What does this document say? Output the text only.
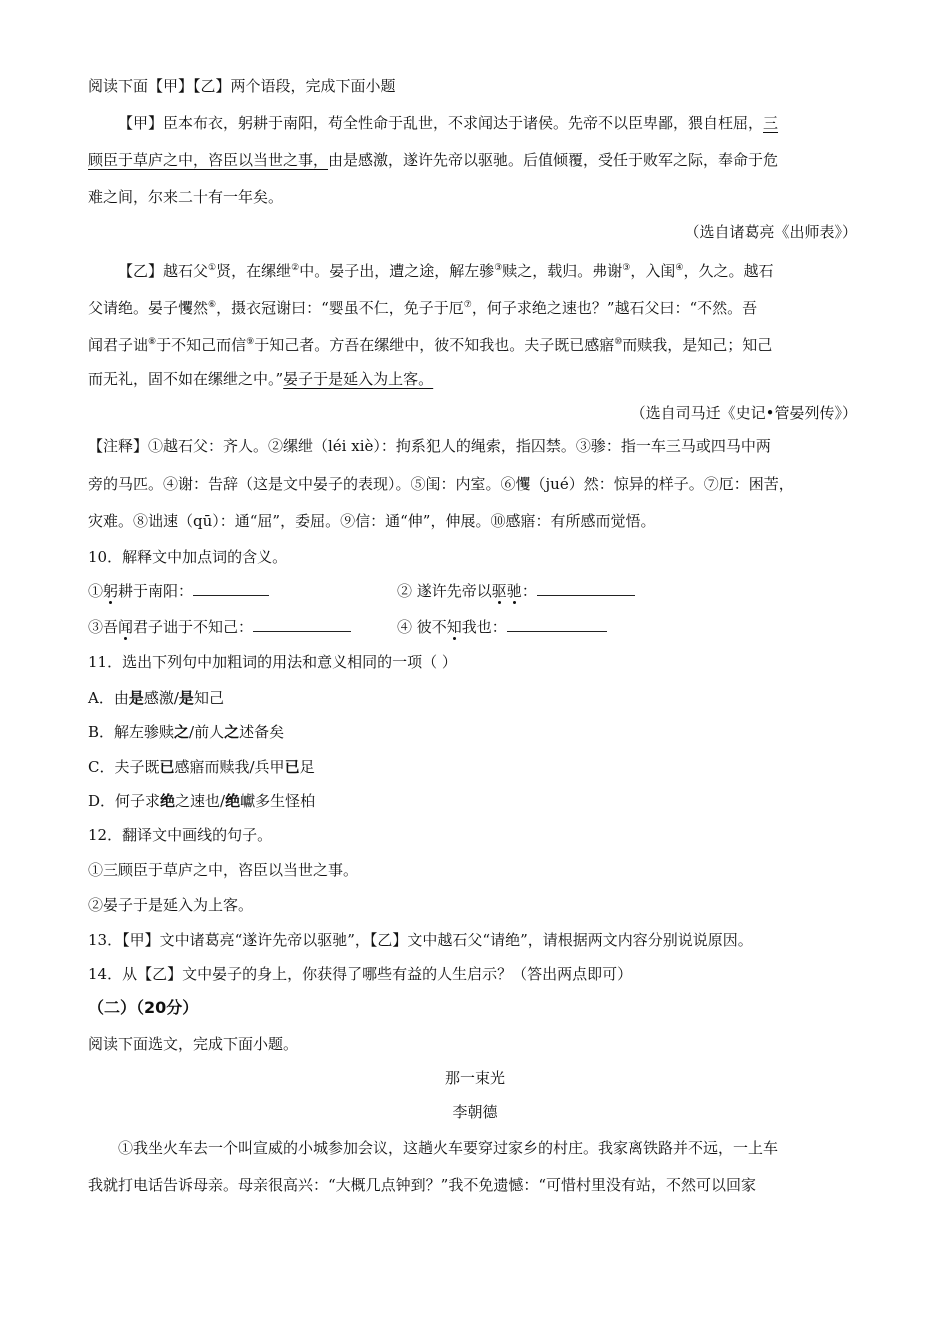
阅读下面【甲】【乙】两个语段，完成下面小题
【甲】臣本布衣，躬耕于南阳，苟全性命于乱世，不求闻达于诸侯。先帝不以臣卑鄙，猥自枉屈，三
顾臣于草庐之中，咨臣以当世之事，由是感激，遂许先帝以驱驰。后值倾覆，受任于败军之际，奉命于危
难之间，尔来二十有一年矣。
（选自诸葛亮《出师表》）
【乙】越石父①贤，在缧绁②中。晏子出，遭之途，解左骖③赎之，载归。弗谢③，入闺④，久之。越石
父请绝。晏子戄然⑥，摄衣冠谢曰：“婴虽不仁，免子于厄⑦，何子求绝之速也？”越石父曰：“不然。吾
闻君子诎⑧于不知己而信⑨于知己者。方吾在缧绁中，彼不知我也。夫子既已感寤⑩而赎我，是知己；知己
而无礼，固不如在缧绁之中。”晏子于是延入为上客。
（选自司马迁《史记•管晏列传》）
【注释】①越石父：齐人。②缧绁（léi xiè）：拘系犯人的绳索，指囚禁。③骖：指一车三马或四马中两
旁的马匹。④谢：告辞（这是文中晏子的表现）。⑤闺：内室。⑥戄（jué）然：惊异的样子。⑦厄：困苦，
灾难。⑧诎速（qū）：通“屈”，委屈。⑨信：通“伸”，伸展。⑩感寤：有所感而觉悟。
10．解释文中加点词的含义。
①躬耕于南阳：	② 遂许先帝以驱驰：
③吾闻君子诎于不知己：	④ 彼不知我也：
11．选出下列句中加粗词的用法和意义相同的一项（ ）
A．由是感激/是知己
B．解左骖赎之/前人之述备矣
C．夫子既已感寤而赎我/兵甲已足
D．何子求绝之速也/绝巘多生怪柏
12．翻译文中画线的句子。
①三顾臣于草庐之中，咨臣以当世之事。
②晏子于是延入为上客。
13．【甲】文中诸葛亮“遂许先帝以驱驰”，【乙】文中越石父“请绝”，请根据两文内容分别说说原因。
14．从【乙】文中晏子的身上，你获得了哪些有益的人生启示？（答出两点即可）
（二）（20分）
阅读下面选文，完成下面小题。
那一束光
李朝德
①我坐火车去一个叫宣威的小城参加会议，这趟火车要穿过家乡的村庄。我家离铁路并不远，一上车
我就打电话告诉母亲。母亲很高兴：“大概几点钟到？”我不免遗憾：“可惜村里没有站，不然可以回家
